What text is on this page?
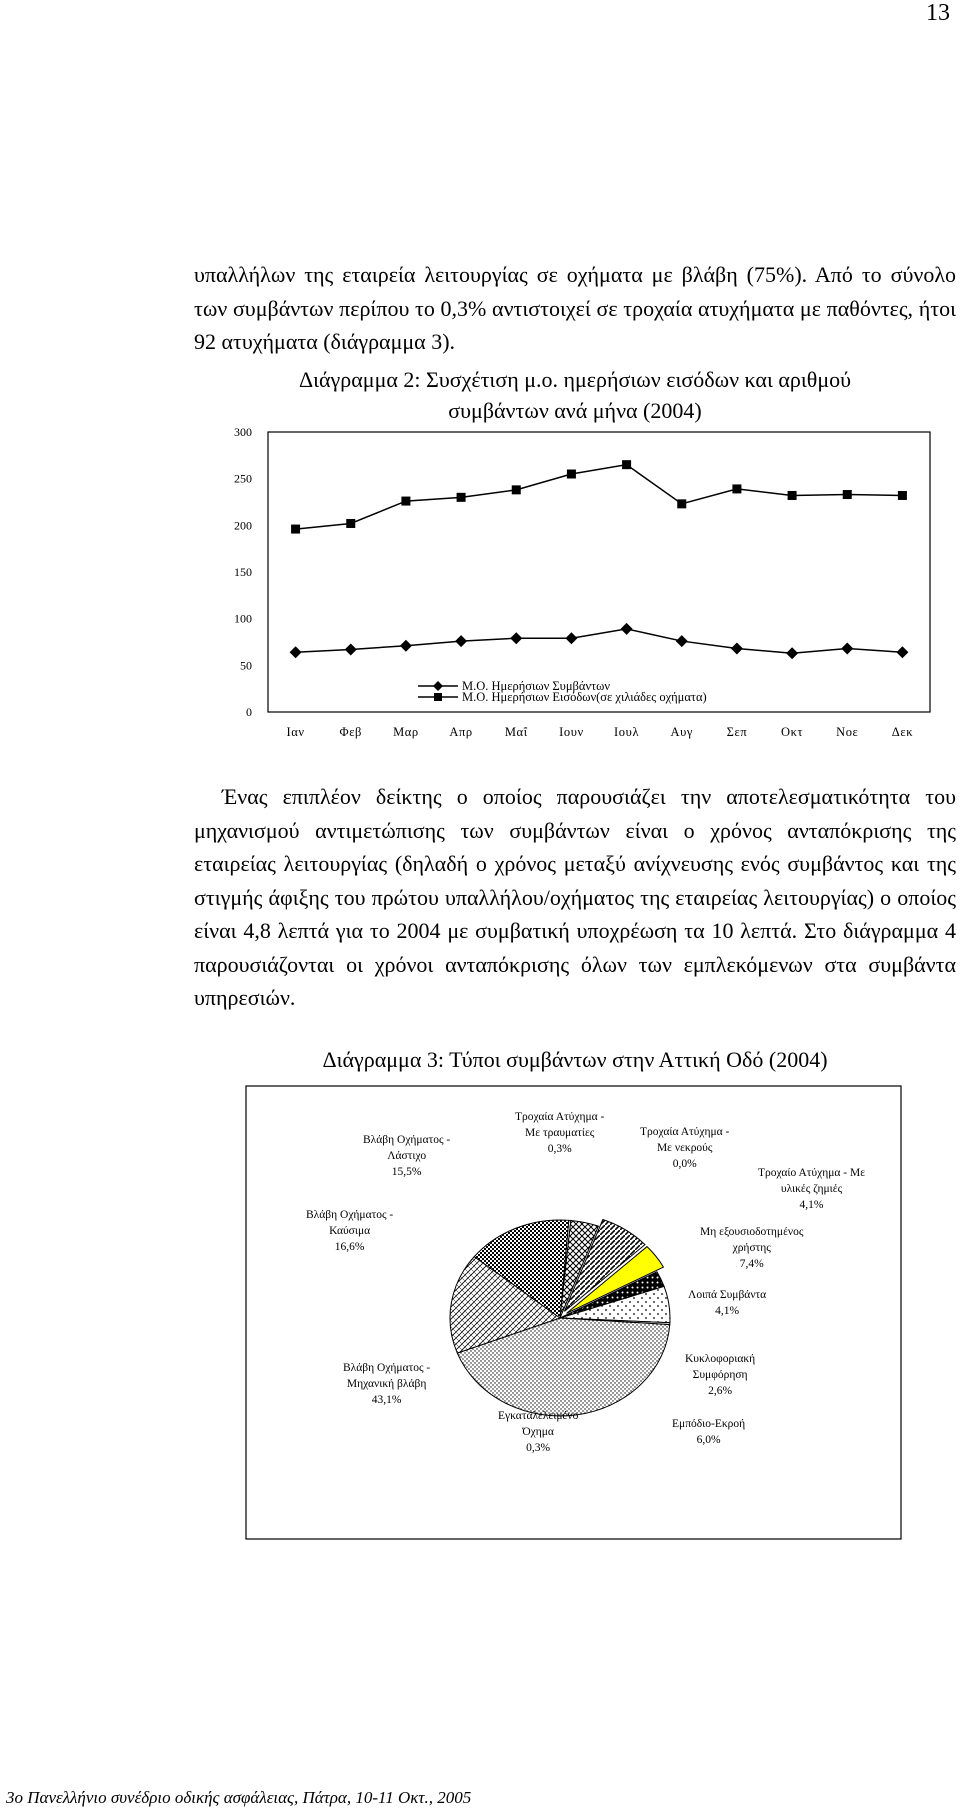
13

υπαλλήλων της εταιρεία λειτουργίας σε οχήματα με βλάβη (75%). Από το σύνολο των συμβάντων περίπου το 0,3% αντιστοιχεί σε τροχαία ατυχήματα με παθόντες, ήτοι 92 ατυχήματα (διάγραμμα 3).

Διάγραμμα 2: Συσχέτιση μ.ο. ημερήσιων εισόδων και αριθμού
συμβάντων ανά μήνα (2004)
0
50
100
150
200
250
300
Ιαν	Φεβ Μαρ Απρ	Μαΐ	Ιουν Ιουλ	Αυγ	Σεπ	Οκτ	Νοε	Δεκ
Μ.Ο. Ημερήσιων Συμβάντων
Μ.Ο. Ημερήσιων Εισόδων(σε χιλιάδες οχήματα)

Ένας επιπλέον δείκτης ο οποίος παρουσιάζει την αποτελεσματικότητα του μηχανισμού αντιμετώπισης των συμβάντων είναι ο χρόνος ανταπόκρισης της εταιρείας λειτουργίας (δηλαδή ο χρόνος μεταξύ ανίχνευσης ενός συμβάντος και της στιγμής άφιξης του πρώτου υπαλλήλου/οχήματος της εταιρείας λειτουργίας) ο οποίος είναι 4,8 λεπτά για το 2004 με συμβατική υποχρέωση τα 10 λεπτά. Στο διάγραμμα 4 παρουσιάζονται οι χρόνοι ανταπόκρισης όλων των εμπλεκόμενων στα συμβάντα υπηρεσιών.

Διάγραμμα 3: Τύποι συμβάντων στην Αττική Οδό (2004)
Τροχαία Ατύχημα -
Με τραυματίες
0,3%
Τροχαία Ατύχημα -
Με νεκρούς
0,0%
Τροχαίο Ατύχημα - Με
υλικές ζημιές
4,1%
Μη εξουσιοδοτημένος
χρήστης
7,4%
Λοιπά Συμβάντα
4,1%
Κυκλοφοριακή
Συμφόρηση
2,6%
Εμπόδιο-Εκροή
6,0%
Εγκαταλελειμένο
Όχημα
0,3%
Βλάβη Οχήματος -
Μηχανική βλάβη
43,1%
Βλάβη Οχήματος -
Καύσιμα
16,6%
Βλάβη Οχήματος -
Λάστιχο
15,5%
3ο Πανελλήνιο συνέδριο οδικής ασφάλειας, Πάτρα, 10-11 Οκτ., 2005
